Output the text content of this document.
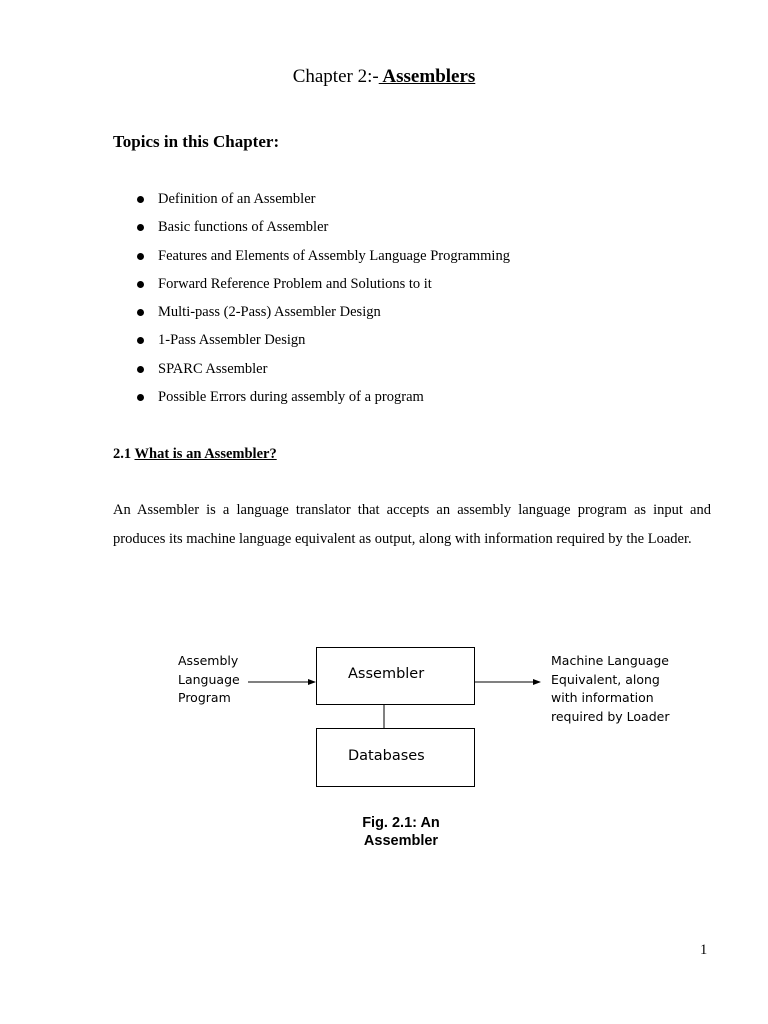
Chapter 2:- Assemblers
Topics in this Chapter:
Definition of an Assembler
Basic functions of Assembler
Features and Elements of Assembly Language Programming
Forward Reference Problem and Solutions to it
Multi-pass (2-Pass) Assembler Design
1-Pass Assembler Design
SPARC Assembler
Possible Errors during assembly of a program
2.1 What is an Assembler?

An Assembler is a language translator that accepts an assembly language program as input and produces its machine language equivalent as output, along with information required by the Loader.

Assembly
Language
Program
Assembler
Databases
Machine Language
Equivalent, along
with information
required by Loader
Fig. 2.1: An
Assembler
1
